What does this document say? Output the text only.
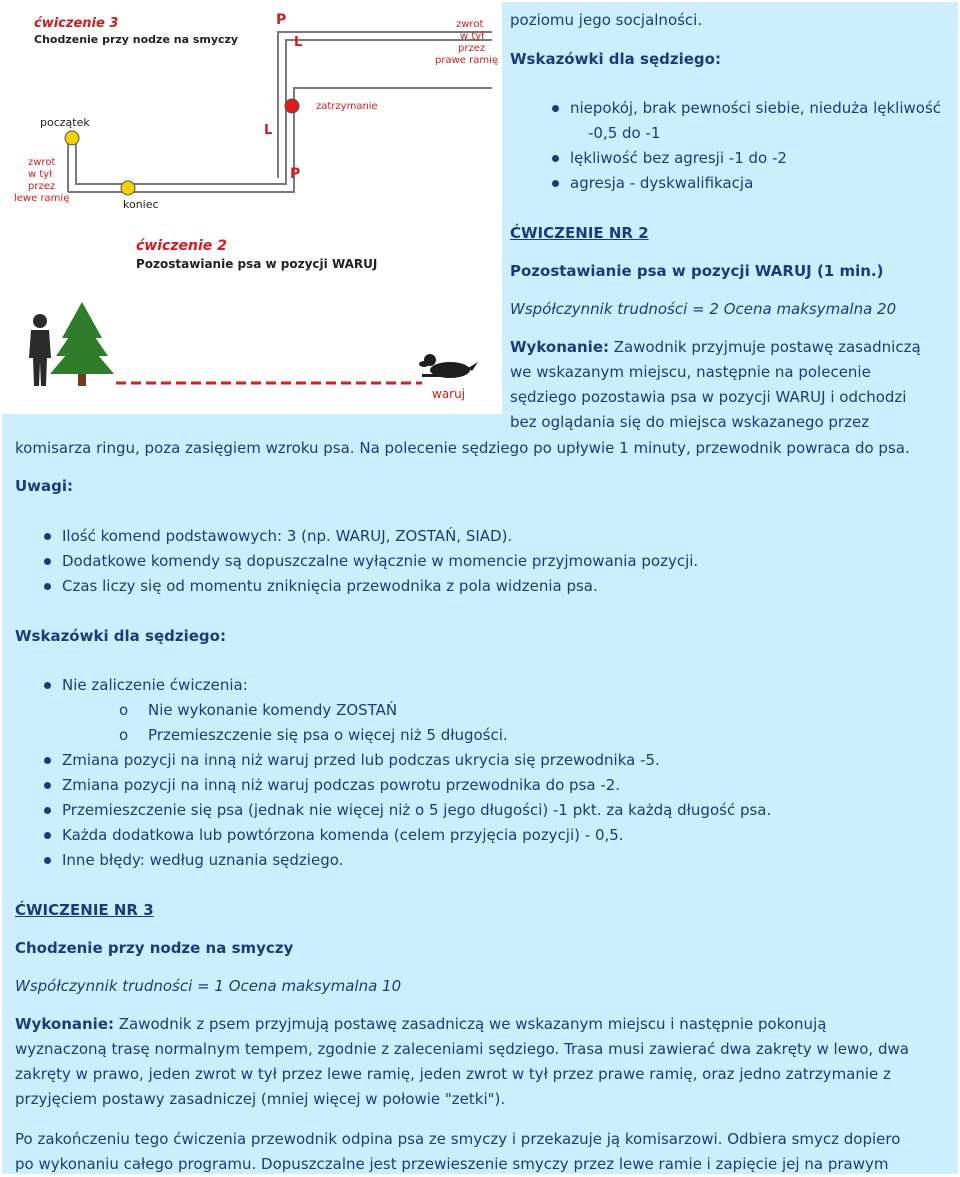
ćwiczenie 3
Chodzenie przy nodze na smyczy
P
L
zwrot
w tył
przez
prawe ramię
początek
zwrot
w tył
przez
lewe ramię	koniec
zatrzymanie
L
P
ćwiczenie 2
Pozostawianie psa w pozycji WARUJ
waruj

poziomu jego socjalności.

Wskazówki dla sędziego:

niepokój, brak pewności siebie, nieduża lękliwość
-0,5 do -1
lękliwość bez agresji -1 do -2
agresja - dyskwalifikacja

ĆWICZENIE NR 2

Pozostawianie psa w pozycji WARUJ (1 min.)

Współczynnik trudności = 2 Ocena maksymalna 20

Wykonanie: Zawodnik przyjmuje postawę zasadniczą
we wskazanym miejscu, następnie na polecenie
sędziego pozostawia psa w pozycji WARUJ i odchodzi
bez oglądania się do miejsca wskazanego przez

komisarza ringu, poza zasięgiem wzroku psa. Na polecenie sędziego po upływie 1 minuty, przewodnik powraca do psa.

Uwagi:

Ilość komend podstawowych: 3 (np. WARUJ, ZOSTAŃ, SIAD).
Dodatkowe komendy są dopuszczalne wyłącznie w momencie przyjmowania pozycji.
Czas liczy się od momentu zniknięcia przewodnika z pola widzenia psa.

Wskazówki dla sędziego:

Nie zaliczenie ćwiczenia:
o Nie wykonanie komendy ZOSTAŃ
o Przemieszczenie się psa o więcej niż 5 długości.
Zmiana pozycji na inną niż waruj przed lub podczas ukrycia się przewodnika -5.
Zmiana pozycji na inną niż waruj podczas powrotu przewodnika do psa -2.
Przemieszczenie się psa (jednak nie więcej niż o 5 jego długości) -1 pkt. za każdą długość psa.
Każda dodatkowa lub powtórzona komenda (celem przyjęcia pozycji) - 0,5.
Inne błędy: według uznania sędziego.

ĆWICZENIE NR 3

Chodzenie przy nodze na smyczy

Współczynnik trudności = 1 Ocena maksymalna 10

Wykonanie: Zawodnik z psem przyjmują postawę zasadniczą we wskazanym miejscu i następnie pokonują
wyznaczoną trasę normalnym tempem, zgodnie z zaleceniami sędziego. Trasa musi zawierać dwa zakręty w lewo, dwa
zakręty w prawo, jeden zwrot w tył przez lewe ramię, jeden zwrot w tył przez prawe ramię, oraz jedno zatrzymanie z
przyjęciem postawy zasadniczej (mniej więcej w połowie "zetki").
Po zakończeniu tego ćwiczenia przewodnik odpina psa ze smyczy i przekazuje ją komisarzowi. Odbiera smycz dopiero
po wykonaniu całego programu. Dopuszczalne jest przewieszenie smyczy przez lewe ramie i zapięcie jej na prawym
